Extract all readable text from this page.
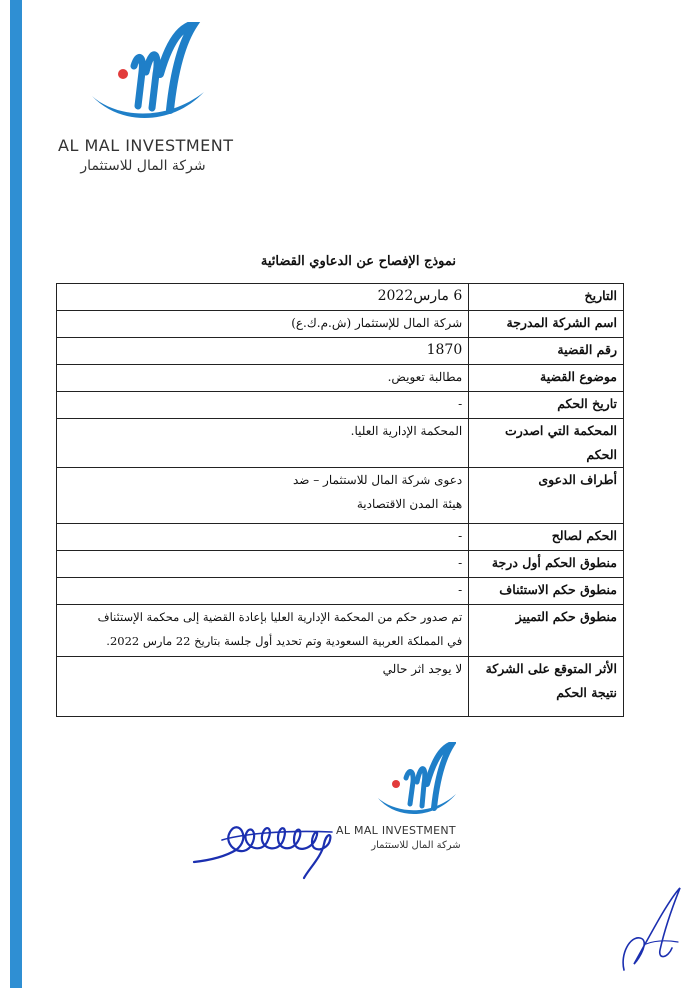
AL MAL INVESTMENT
شركة المال للاستثمار
نموذج الإفصاح عن الدعاوي القضائية
التاريخ	6 مارس2022

اسم الشركة المدرجة	شركة المال للإستثمار (ش.م.ك.ع)

رقم القضية	1870

موضوع القضية	مطالبة تعويض.

تاريخ الحكم	-

المحكمة التي اصدرت الحكم	المحكمة الإدارية العليا.

أطراف الدعوى	دعوى شركة المال للاستثمار – ضد
هيئة المدن الاقتصادية

الحكم لصالح	-

منطوق الحكم أول درجة	-

منطوق حكم الاستئناف	-

منطوق حكم التمييز	تم صدور حكم من المحكمة الإدارية العليا بإعادة القضية إلى محكمة الإستئناف
في المملكة العربية السعودية وتم تحديد أول جلسة بتاريخ 22 مارس 2022.

الأثر المتوقع على الشركة نتيجة الحكم	لا يوجد اثر حالي
AL MAL INVESTMENT
شركة المال للاستثمار
